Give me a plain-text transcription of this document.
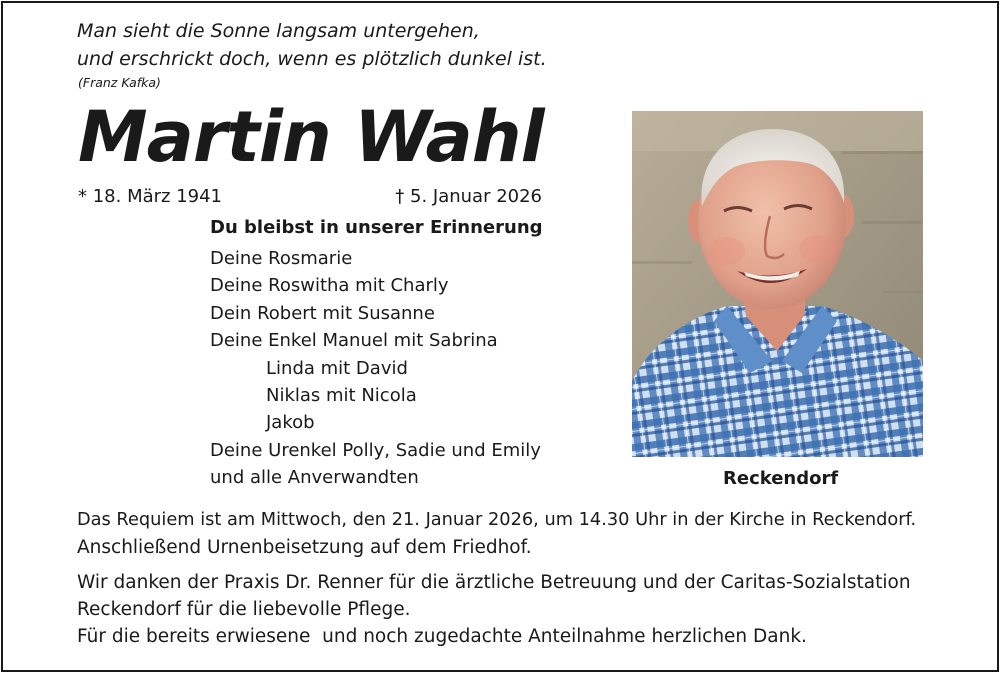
Man sieht die Sonne langsam untergehen,
und erschrickt doch, wenn es plötzlich dunkel ist.
(Franz Kafka)
Martin Wahl
* 18. März 1941	† 5. Januar 2026
Du bleibst in unserer Erinnerung
Deine Rosmarie
Deine Roswitha mit Charly
Dein Robert mit Susanne
Deine Enkel Manuel mit Sabrina
Linda mit David
Niklas mit Nicola
Jakob
Deine Urenkel Polly, Sadie und Emily
und alle Anverwandten	Reckendorf
Das Requiem ist am Mittwoch, den 21. Januar 2026, um 14.30 Uhr in der Kirche in Reckendorf.
Anschließend Urnenbeisetzung auf dem Friedhof.
Wir danken der Praxis Dr. Renner für die ärztliche Betreuung und der Caritas-Sozialstation
Reckendorf für die liebevolle Pflege.
Für die bereits erwiesene  und noch zugedachte Anteilnahme herzlichen Dank.
